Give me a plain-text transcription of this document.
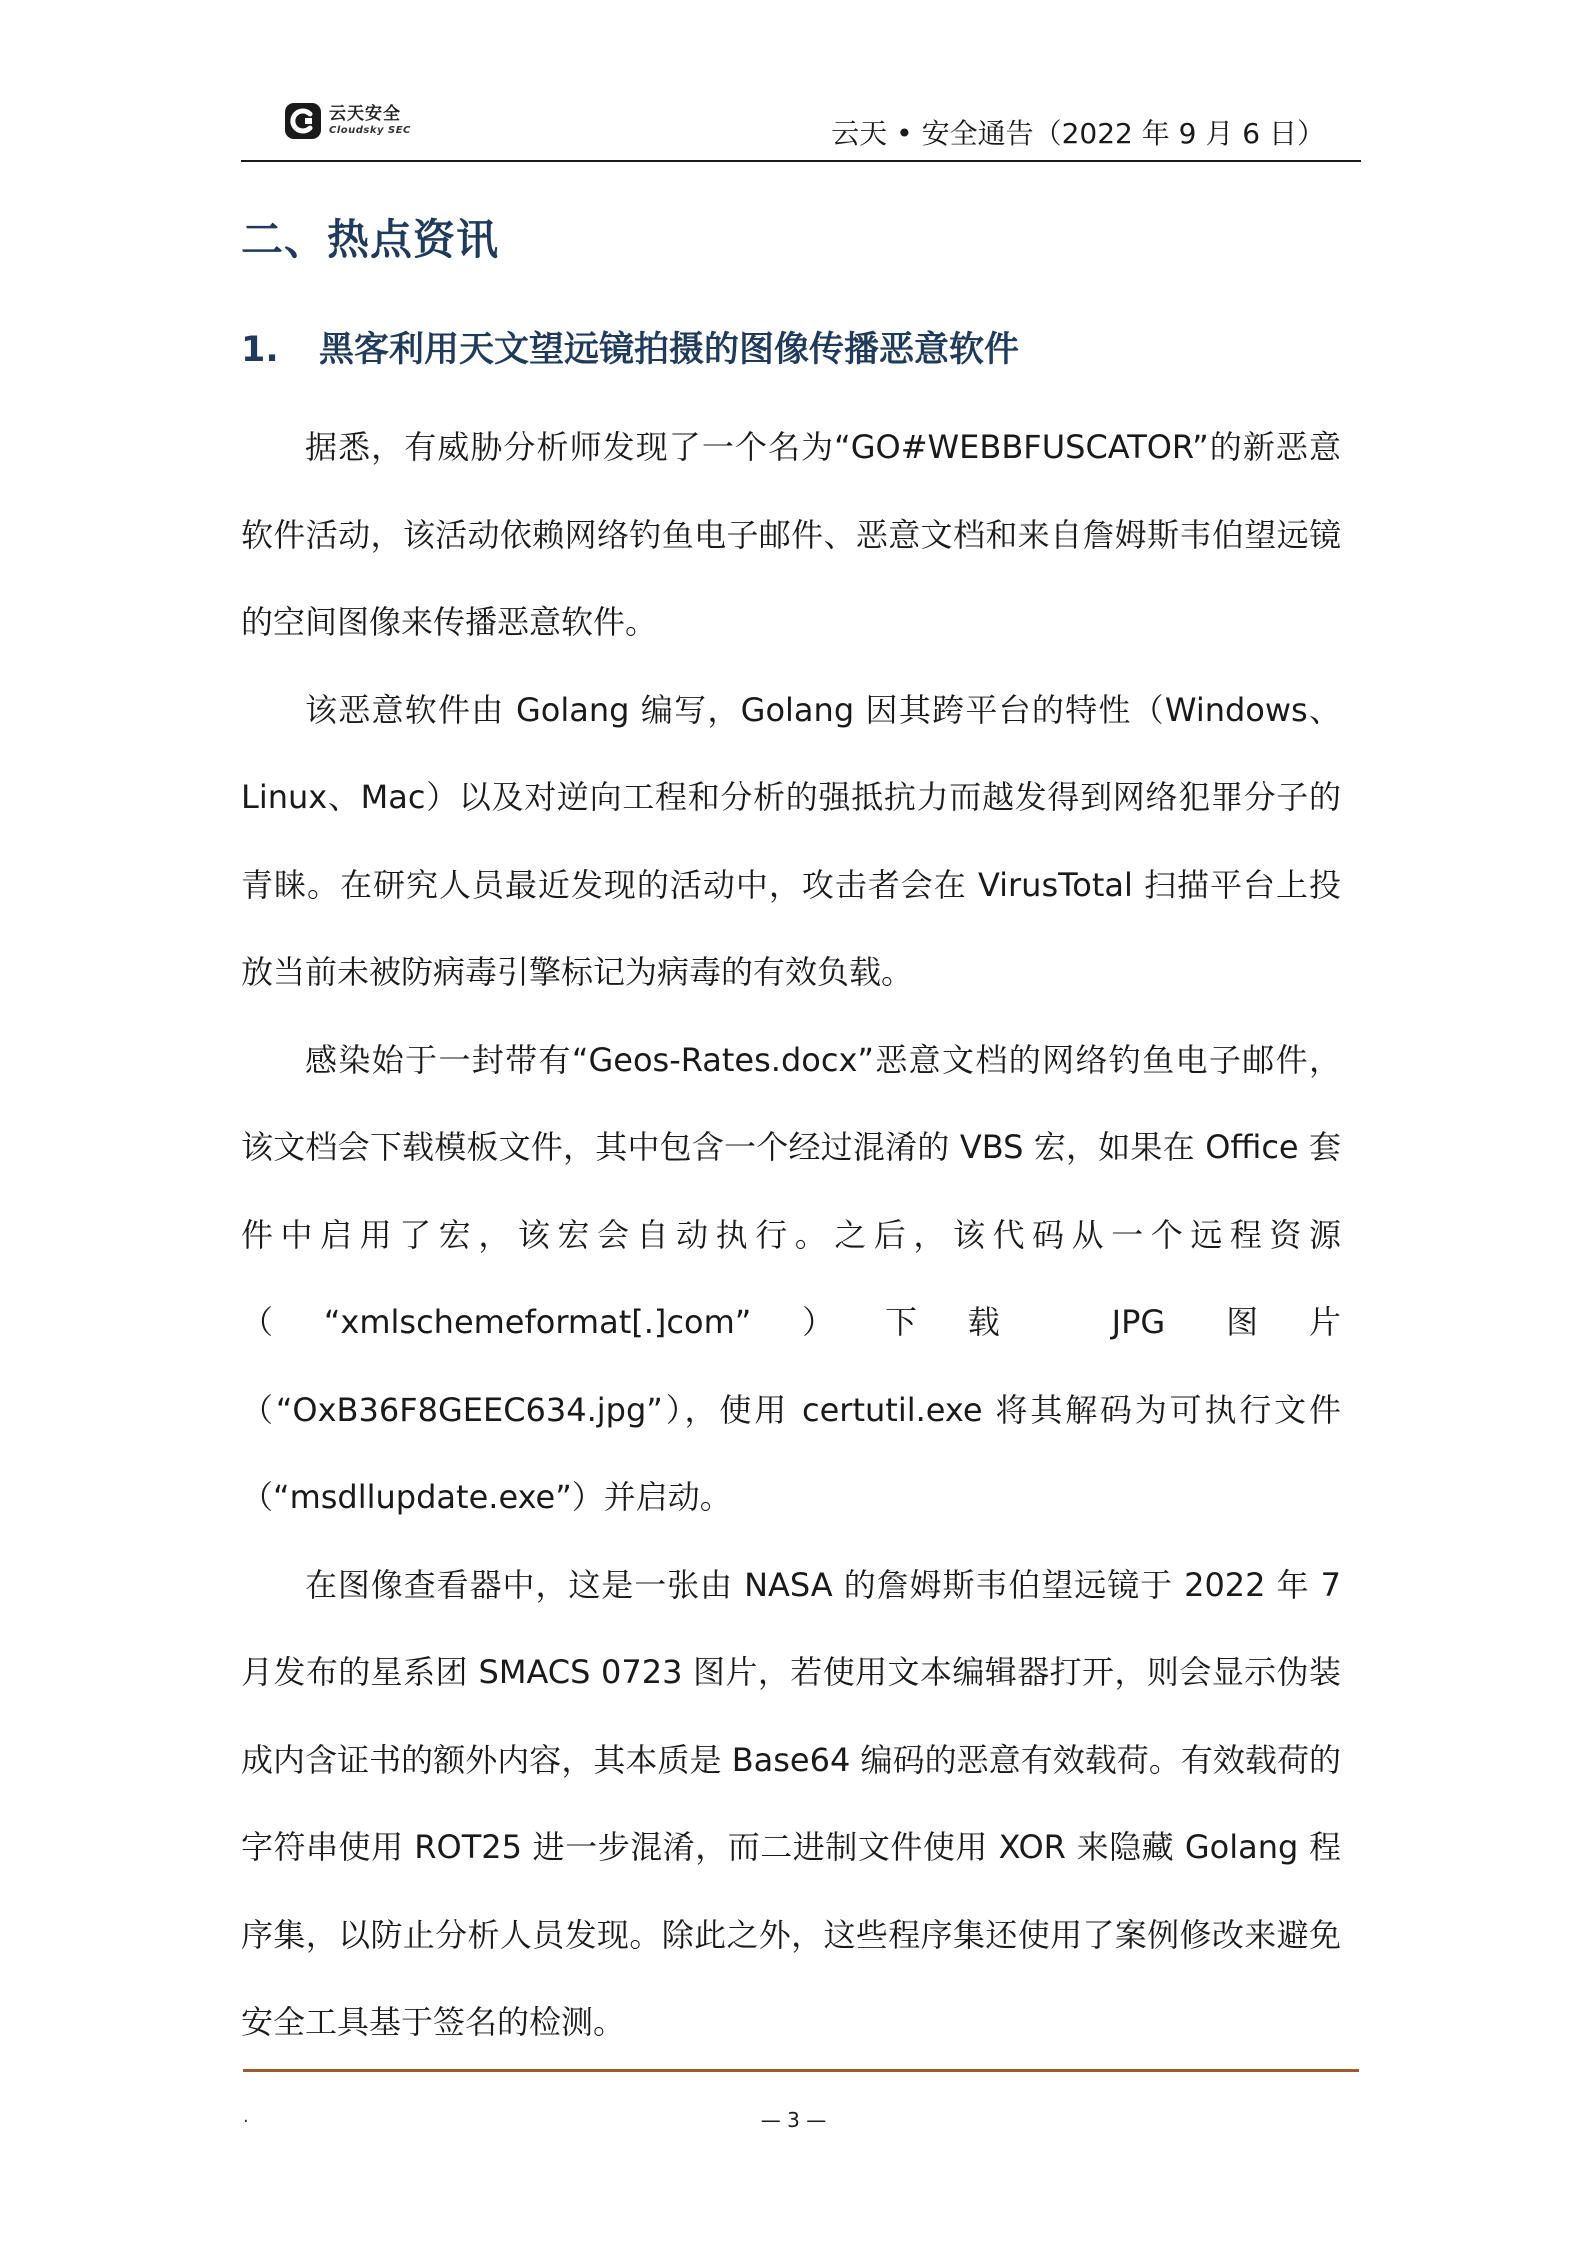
云天安全
Cloudsky SEC	云天 • 安全通告（2022 年 9 月 6 日）
二、热点资讯
1. 黑客利用天文望远镜拍摄的图像传播恶意软件

据悉，有威胁分析师发现了一个名为“GO#WEBBFUSCATOR”的新恶意软件活动，该活动依赖网络钓鱼电子邮件、恶意文档和来自詹姆斯韦伯望远镜的空间图像来传播恶意软件。

该恶意软件由 Golang 编写，Golang 因其跨平台的特性（Windows、Linux、Mac）以及对逆向工程和分析的强抵抗力而越发得到网络犯罪分子的青睐。在研究人员最近发现的活动中，攻击者会在 VirusTotal 扫描平台上投放当前未被防病毒引擎标记为病毒的有效负载。

感染始于一封带有“Geos-Rates.docx”恶意文档的网络钓鱼电子邮件，该文档会下载模板文件，其中包含一个经过混淆的 VBS 宏，如果在 Office 套件中启用了宏，该宏会自动执行。之后，该代码从一个远程资源（“xmlschemeformat[.]com”）下载 JPG 图片（“OxB36F8GEEC634.jpg”），使用 certutil.exe 将其解码为可执行文件（“msdllupdate.exe”）并启动。

在图像查看器中，这是一张由 NASA 的詹姆斯韦伯望远镜于 2022 年 7 月发布的星系团 SMACS 0723 图片，若使用文本编辑器打开，则会显示伪装成内含证书的额外内容，其本质是 Base64 编码的恶意有效载荷。有效载荷的字符串使用 ROT25 进一步混淆，而二进制文件使用 XOR 来隐藏 Golang 程序集，以防止分析人员发现。除此之外，这些程序集还使用了案例修改来避免安全工具基于签名的检测。

.	— 3 —
